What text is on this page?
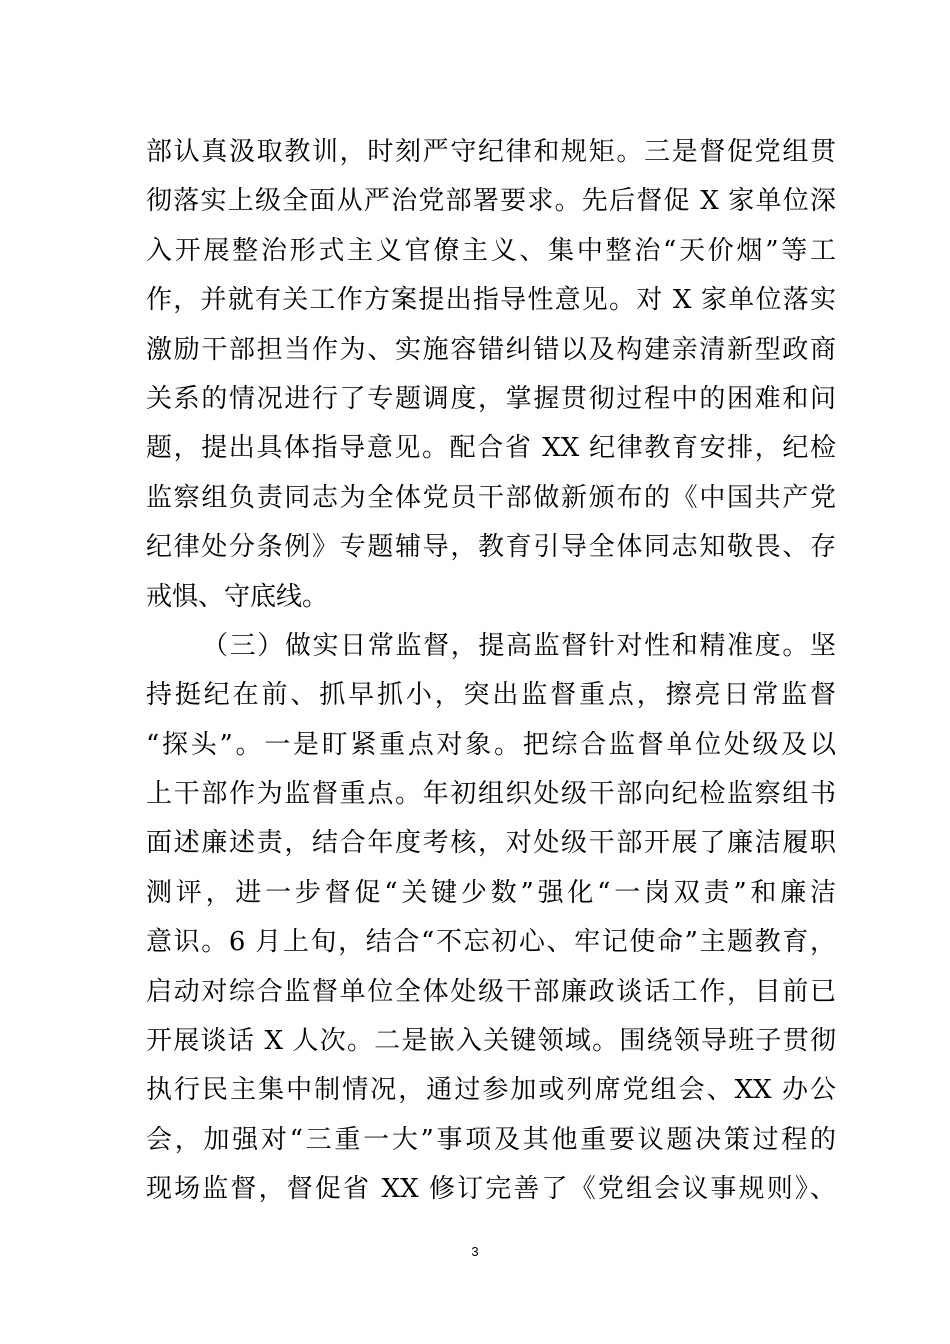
部认真汲取教训，时刻严守纪律和规矩。三是督促党组贯
彻落实上级全面从严治党部署要求。先后督促 X 家单位深
入开展整治形式主义官僚主义、集中整治“天价烟”等工
作，并就有关工作方案提出指导性意见。对 X 家单位落实
激励干部担当作为、实施容错纠错以及构建亲清新型政商
关系的情况进行了专题调度，掌握贯彻过程中的困难和问
题，提出具体指导意见。配合省 XX 纪律教育安排，纪检
监察组负责同志为全体党员干部做新颁布的《中国共产党
纪律处分条例》专题辅导，教育引导全体同志知敬畏、存
戒惧、守底线。
（三）做实日常监督，提高监督针对性和精准度。坚
持挺纪在前、抓早抓小，突出监督重点，擦亮日常监督
“探头”。一是盯紧重点对象。把综合监督单位处级及以
上干部作为监督重点。年初组织处级干部向纪检监察组书
面述廉述责，结合年度考核，对处级干部开展了廉洁履职
测评，进一步督促“关键少数”强化“一岗双责”和廉洁
意识。6 月上旬，结合“不忘初心、牢记使命”主题教育，
启动对综合监督单位全体处级干部廉政谈话工作，目前已
开展谈话 X 人次。二是嵌入关键领域。围绕领导班子贯彻
执行民主集中制情况，通过参加或列席党组会、XX 办公
会，加强对“三重一大”事项及其他重要议题决策过程的
现场监督，督促省 XX 修订完善了《党组会议事规则》、
3
